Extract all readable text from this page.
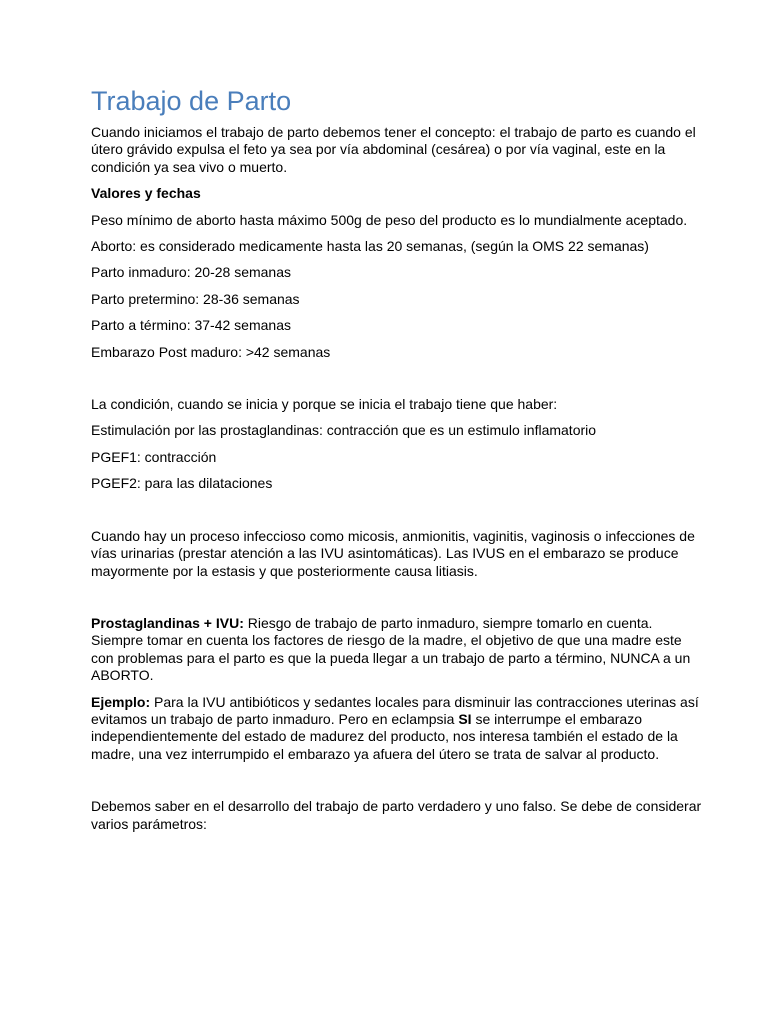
Trabajo de Parto

Cuando iniciamos el trabajo de parto debemos tener el concepto: el trabajo de parto es cuando el útero grávido expulsa el feto ya sea por vía abdominal (cesárea) o por vía vaginal, este en la condición ya sea vivo o muerto.

Valores y fechas

Peso mínimo de aborto hasta máximo 500g de peso del producto es lo mundialmente aceptado.

Aborto: es considerado medicamente hasta las 20 semanas, (según la OMS 22 semanas)

Parto inmaduro: 20-28 semanas

Parto pretermino: 28-36 semanas

Parto a término: 37-42 semanas

Embarazo Post maduro: >42 semanas

La condición, cuando se inicia y porque se inicia el trabajo tiene que haber:

Estimulación por las prostaglandinas: contracción que es un estimulo inflamatorio

PGEF1: contracción

PGEF2: para las dilataciones

Cuando hay un proceso infeccioso como micosis, anmionitis, vaginitis, vaginosis o infecciones de vías urinarias (prestar atención a las IVU asintomáticas). Las IVUS en el embarazo se produce mayormente por la estasis y que posteriormente causa litiasis.

Prostaglandinas + IVU: Riesgo de trabajo de parto inmaduro, siempre tomarlo en cuenta. Siempre tomar en cuenta los factores de riesgo de la madre, el objetivo de que una madre este con problemas para el parto es que la pueda llegar a un trabajo de parto a término, NUNCA a un ABORTO.

Ejemplo: Para la IVU antibióticos y sedantes locales para disminuir las contracciones uterinas así evitamos un trabajo de parto inmaduro. Pero en eclampsia SI se interrumpe el embarazo independientemente del estado de madurez del producto, nos interesa también el estado de la madre, una vez interrumpido el embarazo ya afuera del útero se trata de salvar al producto.

Debemos saber en el desarrollo del trabajo de parto verdadero y uno falso. Se debe de considerar varios parámetros:
